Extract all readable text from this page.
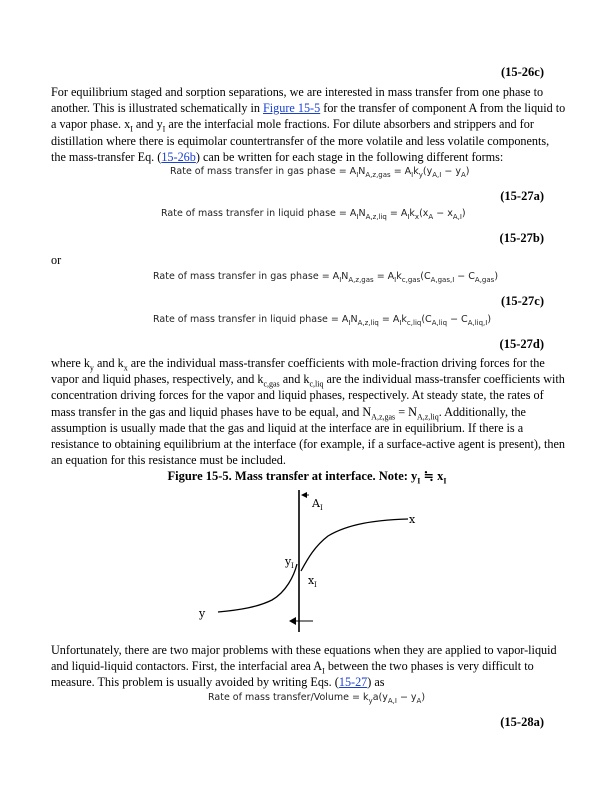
(15-26c)
For equilibrium staged and sorption separations, we are interested in mass transfer from one phase to another. This is illustrated schematically in Figure 15-5 for the transfer of component A from the liquid to a vapor phase. $x_I$ and $y_I$ are the interfacial mole fractions. For dilute absorbers and strippers and for distillation where there is equimolar countertransfer of the more volatile and less volatile components, the mass-transfer Eq. (15-26b) can be written for each stage in the following different forms:
Rate of mass transfer in gas phase = $A_IN_{A,z,gas} = A_Ik_y(y_{A,I} - y_A)$
(15-27a)
Rate of mass transfer in liquid phase = $A_IN_{A,z,liq} = A_Ik_x(x_A - x_{A,I})$
(15-27b)
or
Rate of mass transfer in gas phase = $A_IN_{A,z,gas} = A_Ik_{c,gas}(C_{A,gas,I} - C_{A,gas})$
(15-27c)
Rate of mass transfer in liquid phase = $A_IN_{A,z,liq} = A_Ik_{c,liq}(C_{A,liq} - C_{A,liq,I})$
(15-27d)
where $k_y$ and $k_x$ are the individual mass-transfer coefficients with mole-fraction driving forces for the vapor and liquid phases, respectively, and $k_{c,gas}$ and $k_{c,liq}$ are the individual mass-transfer coefficients with concentration driving forces for the vapor and liquid phases, respectively. At steady state, the rates of mass transfer in the gas and liquid phases have to be equal, and $N_{A,z,gas} = N_{A,z,liq}$. Additionally, the assumption is usually made that the gas and liquid at the interface are in equilibrium. If there is a resistance to obtaining equilibrium at the interface (for example, if a surface-active agent is present), then an equation for this resistance must be included.
Figure 15-5. Mass transfer at interface. Note: $y_I$ ≒ $x_I$
A I
x
y
y I
x I
Unfortunately, there are two major problems with these equations when they are applied to vapor-liquid and liquid-liquid contactors. First, the interfacial area $A_I$ between the two phases is very difficult to measure. This problem is usually avoided by writing Eqs. (15-27) as
Rate of mass transfer/Volume = $k_ya(y_{A,I} - y_A)$
(15-28a)
